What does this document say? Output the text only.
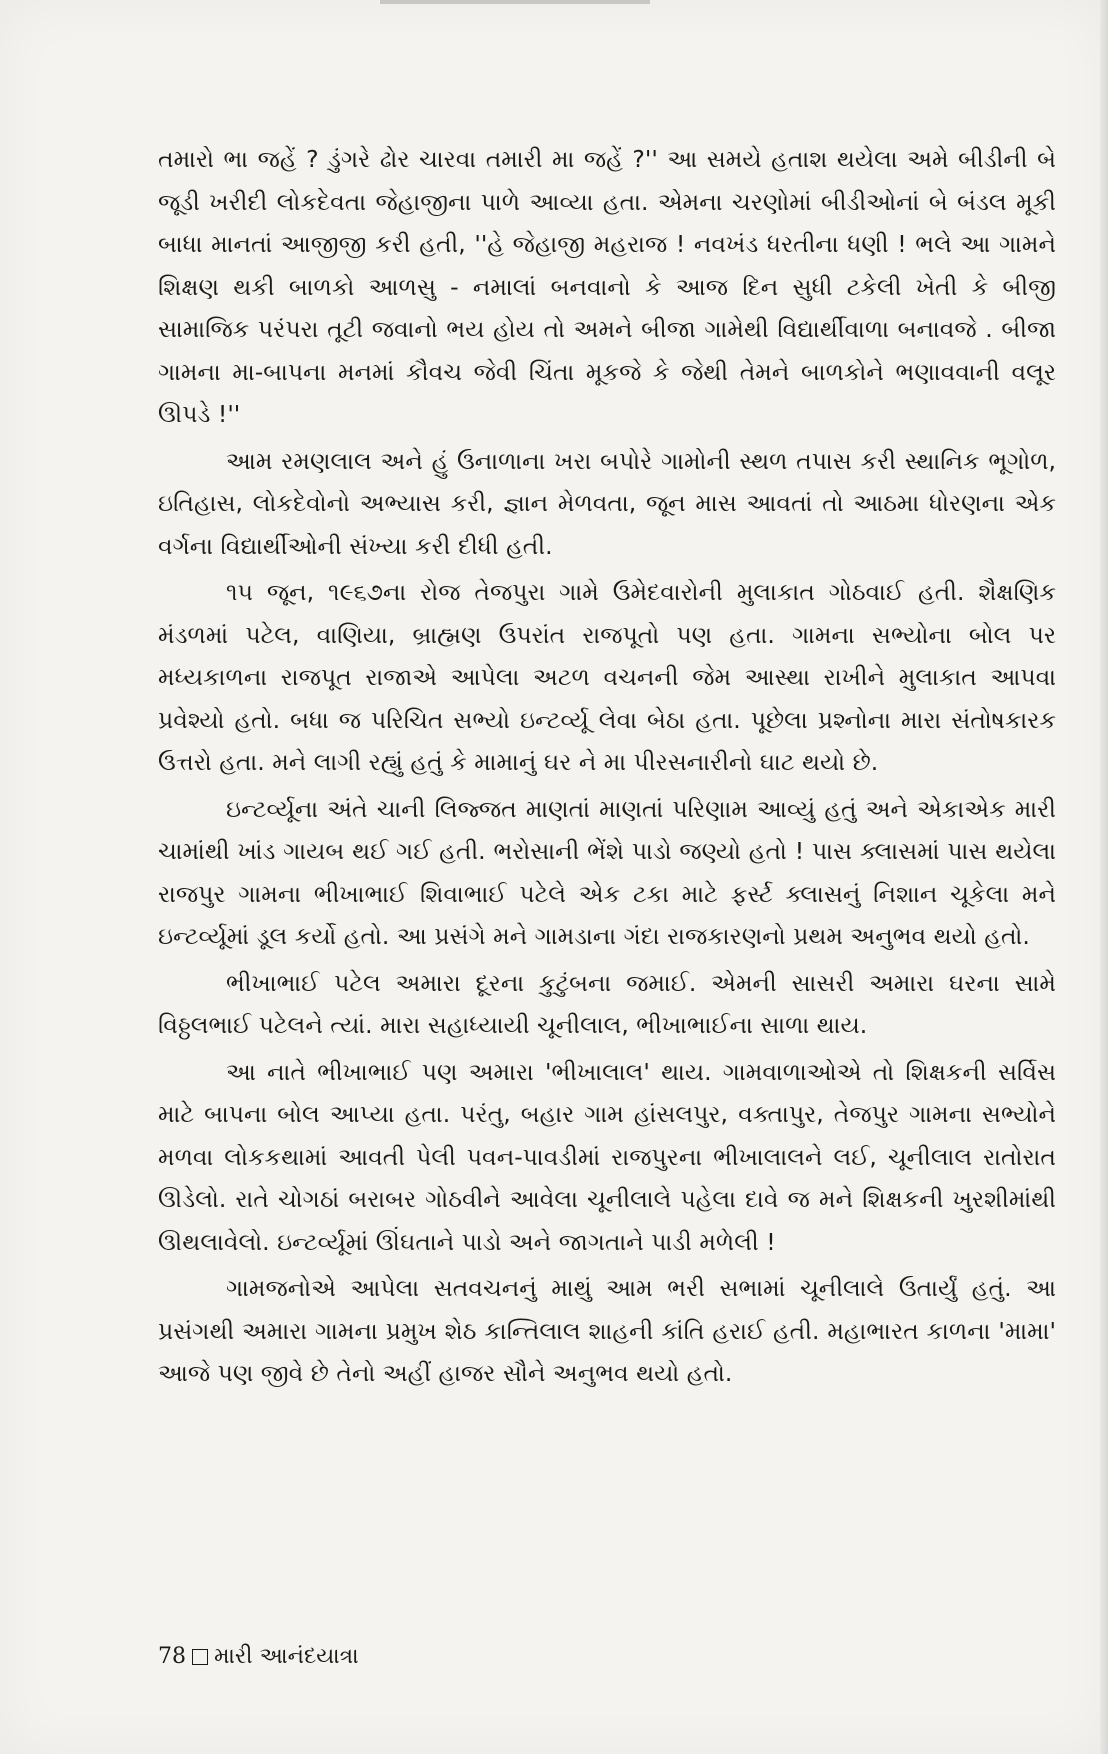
તમારો ભા જહેં ? ડુંગરે ઢોર ચારવા તમારી મા જહેં ?'' આ સમયે હતાશ થયેલા અમે બીડીની બે જૂડી ખરીદી લોકદેવતા જેહાજીના પાળે આવ્યા હતા. એમના ચરણોમાં બીડીઓનાં બે બંડલ મૂકી બાધા માનતાં આજીજી કરી હતી, ''હે જેહાજી મહરાજ ! નવખંડ ધરતીના ધણી ! ભલે આ ગામને શિક્ષણ થકી બાળકો આળસુ - નમાલાં બનવાનો કે આજ દિન સુધી ટકેલી ખેતી કે બીજી સામાજિક પરંપરા તૂટી જવાનો ભય હોય તો અમને બીજા ગામેથી વિદ્યાર્થીવાળા બનાવજે . બીજા ગામના મા-બાપના મનમાં કૌવચ જેવી ચિંતા મૂકજે કે જેથી તેમને બાળકોને ભણાવવાની વલૂર ઊપડે !''

આમ રમણલાલ અને હું ઉનાળાના ખરા બપોરે ગામોની સ્થળ તપાસ કરી સ્થાનિક ભૂગોળ, ઇતિહાસ, લોકદેવોનો અભ્યાસ કરી, જ્ઞાન મેળવતા, જૂન માસ આવતાં તો આઠમા ધોરણના એક વર્ગના વિદ્યાર્થીઓની સંખ્યા કરી દીધી હતી.

૧૫ જૂન, ૧૯૬૭ના રોજ તેજપુરા ગામે ઉમેદવારોની મુલાકાત ગોઠવાઈ હતી. શૈક્ષણિક મંડળમાં પટેલ, વાણિયા, બ્રાહ્મણ ઉપરાંત રાજપૂતો પણ હતા. ગામના સભ્યોના બોલ પર મધ્યકાળના રાજપૂત રાજાએ આપેલા અટળ વચનની જેમ આસ્થા રાખીને મુલાકાત આપવા પ્રવેશ્યો હતો. બધા જ પરિચિત સભ્યો ઇન્ટર્વ્યૂ લેવા બેઠા હતા. પૂછેલા પ્રશ્નોના મારા સંતોષકારક ઉત્તરો હતા. મને લાગી રહ્યું હતું કે મામાનું ઘર ને મા પીરસનારીનો ઘાટ થયો છે.

ઇન્ટર્વ્યૂના અંતે ચાની લિજ્જત માણતાં માણતાં પરિણામ આવ્યું હતું અને એકાએક મારી ચામાંથી ખાંડ ગાયબ થઈ ગઈ હતી. ભરોસાની ભેંશે પાડો જણ્યો હતો ! પાસ ક્લાસમાં પાસ થયેલા રાજપુર ગામના ભીખાભાઈ શિવાભાઈ પટેલે એક ટકા માટે ફર્સ્ટ ક્લાસનું નિશાન ચૂકેલા મને ઇન્ટર્વ્યૂમાં ડૂલ કર્યો હતો. આ પ્રસંગે મને ગામડાના ગંદા રાજકારણનો પ્રથમ અનુભવ થયો હતો.

ભીખાભાઈ પટેલ અમારા દૂરના કુટુંબના જમાઈ. એમની સાસરી અમારા ઘરના સામે વિઠ્ઠલભાઈ પટેલને ત્યાં. મારા સહાધ્યાયી ચૂનીલાલ, ભીખાભાઈના સાળા થાય.

આ નાતે ભીખાભાઈ પણ અમારા 'ભીખાલાલ' થાય. ગામવાળાઓએ તો શિક્ષકની સર્વિસ માટે બાપના બોલ આપ્યા હતા. પરંતુ, બહાર ગામ હાંસલપુર, વક્તાપુર, તેજપુર ગામના સભ્યોને મળવા લોકકથામાં આવતી પેલી પવન-પાવડીમાં રાજપુરના ભીખાલાલને લઈ, ચૂનીલાલ રાતોરાત ઊડેલો. રાતે ચોગઠાં બરાબર ગોઠવીને આવેલા ચૂનીલાલે પહેલા દાવે જ મને શિક્ષકની ખુરશીમાંથી ઊથલાવેલો. ઇન્ટર્વ્યૂમાં ઊંઘતાને પાડો અને જાગતાને પાડી મળેલી !

ગામજનોએ આપેલા સતવચનનું માથું આમ ભરી સભામાં ચૂનીલાલે ઉતાર્યું હતું. આ પ્રસંગથી અમારા ગામના પ્રમુખ શેઠ કાન્તિલાલ શાહની કાંતિ હરાઈ હતી. મહાભારત કાળના 'મામા' આજે પણ જીવે છે તેનો અહીં હાજર સૌને અનુભવ થયો હતો.

78 મારી આનંદયાત્રા
